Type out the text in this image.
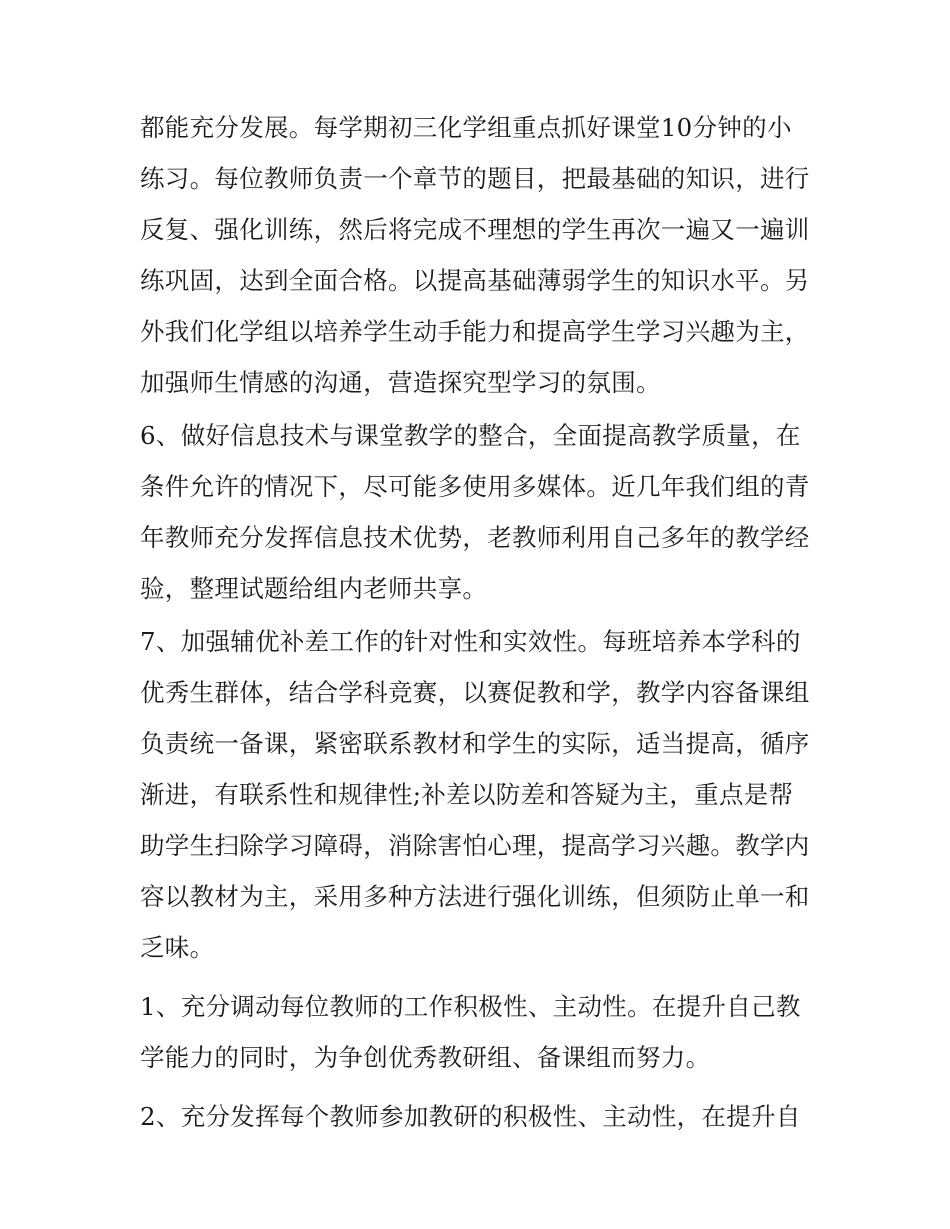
都能充分发展。每学期初三化学组重点抓好课堂10分钟的小
练习。每位教师负责一个章节的题目，把最基础的知识，进行
反复、强化训练，然后将完成不理想的学生再次一遍又一遍训
练巩固，达到全面合格。以提高基础薄弱学生的知识水平。另
外我们化学组以培养学生动手能力和提高学生学习兴趣为主，
加强师生情感的沟通，营造探究型学习的氛围。
6、做好信息技术与课堂教学的整合，全面提高教学质量，在
条件允许的情况下，尽可能多使用多媒体。近几年我们组的青
年教师充分发挥信息技术优势，老教师利用自己多年的教学经
验，整理试题给组内老师共享。
7、加强辅优补差工作的针对性和实效性。每班培养本学科的
优秀生群体，结合学科竞赛，以赛促教和学，教学内容备课组
负责统一备课，紧密联系教材和学生的实际，适当提高，循序
渐进，有联系性和规律性;补差以防差和答疑为主，重点是帮
助学生扫除学习障碍，消除害怕心理，提高学习兴趣。教学内
容以教材为主，采用多种方法进行强化训练，但须防止单一和
乏味。
1、充分调动每位教师的工作积极性、主动性。在提升自己教
学能力的同时，为争创优秀教研组、备课组而努力。
2、充分发挥每个教师参加教研的积极性、主动性，在提升自
